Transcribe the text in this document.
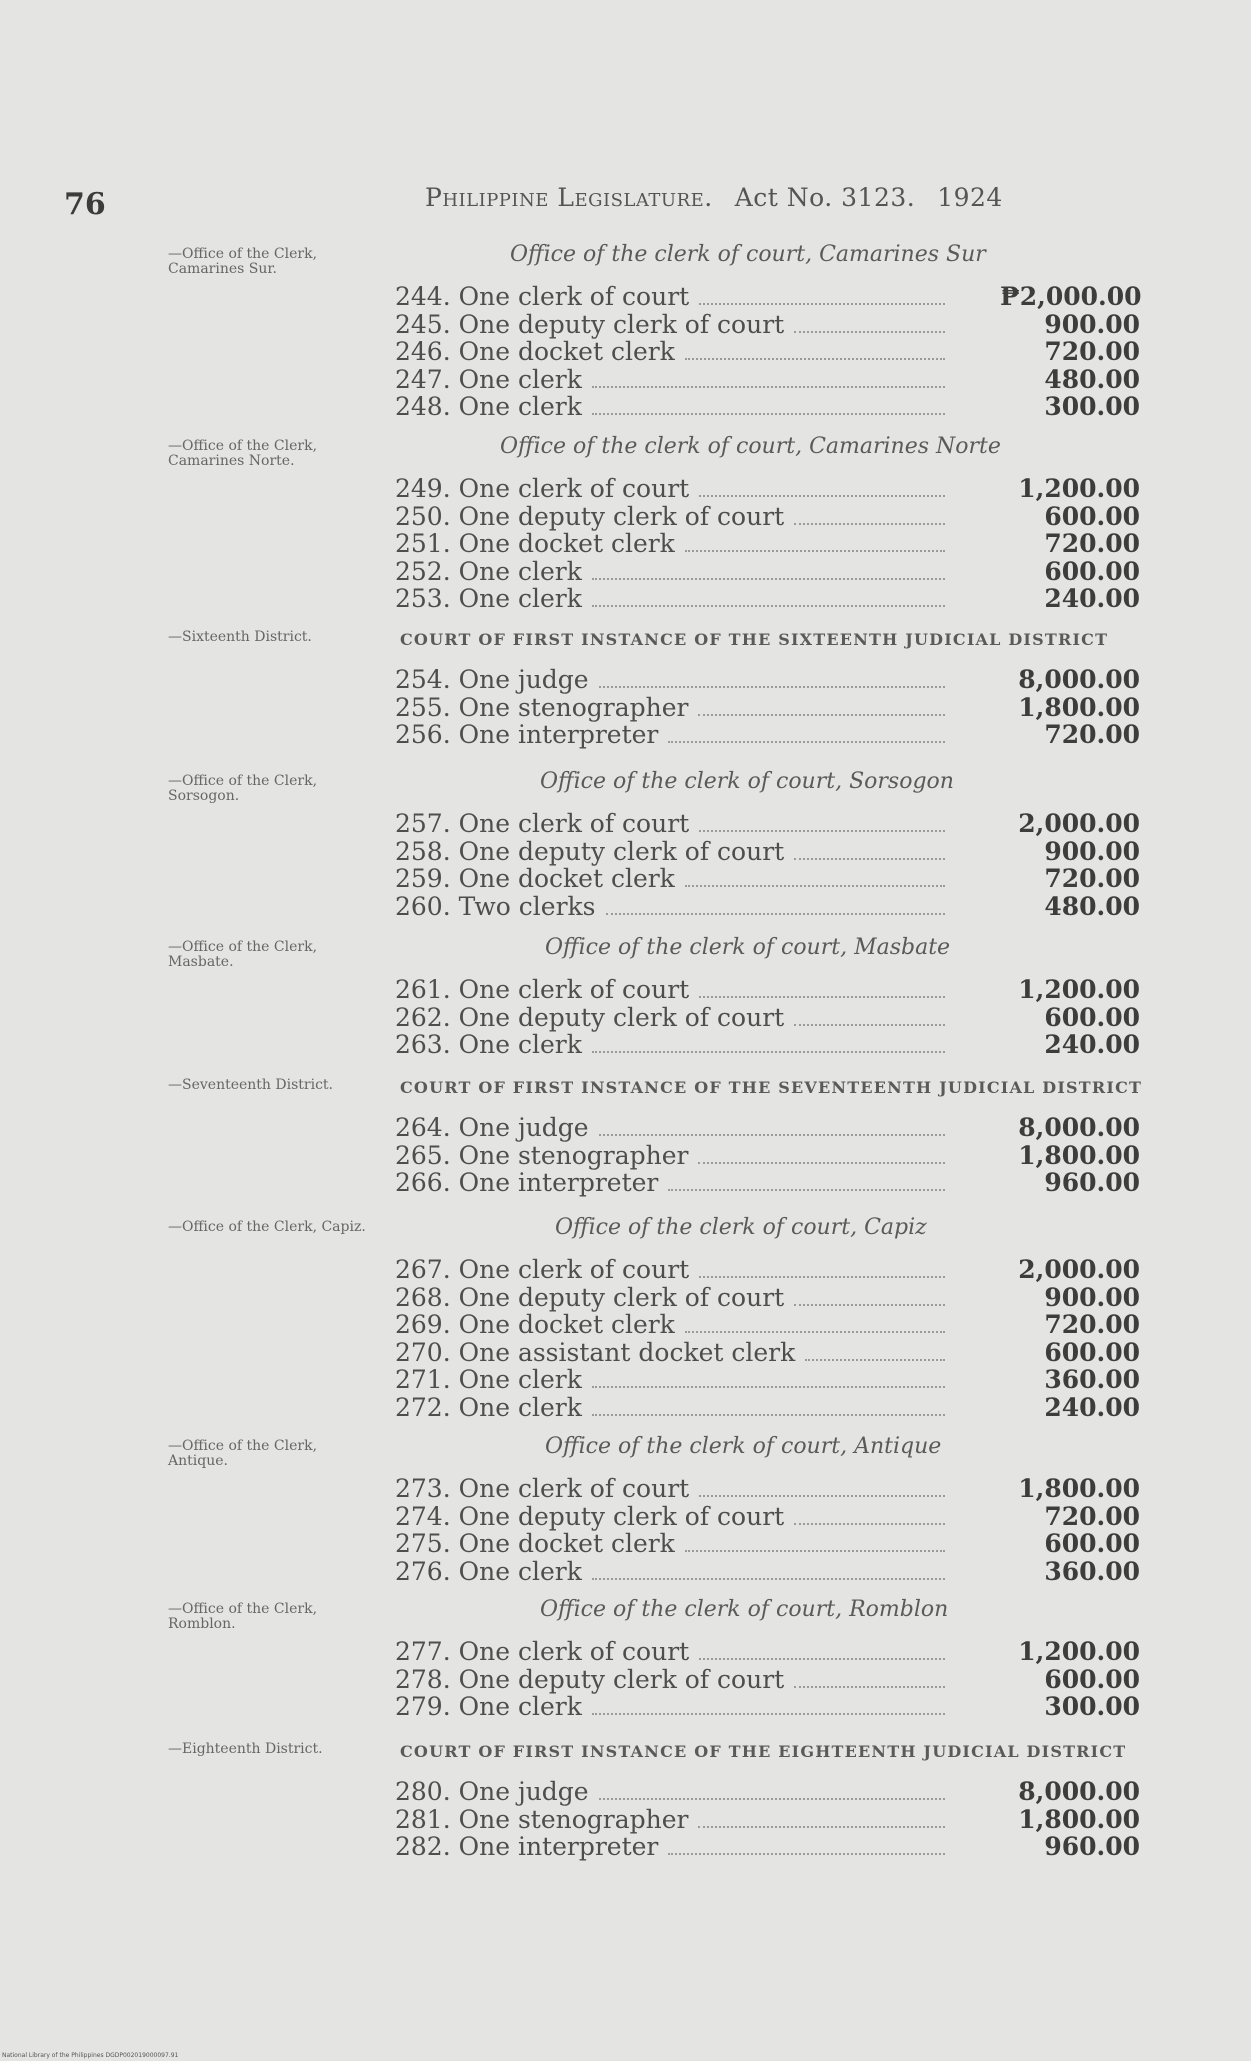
76	Philippine Legislature. Act No. 3123. 1924
—Office of the Clerk, Camarines Sur.
Office of the clerk of court, Camarines Sur
244. One clerk of court	₱2,000.00
245. One deputy clerk of court	900.00
246. One docket clerk	720.00
247. One clerk	480.00
248. One clerk	300.00
—Office of the Clerk, Camarines Norte.
Office of the clerk of court, Camarines Norte
249. One clerk of court	1,200.00
250. One deputy clerk of court	600.00
251. One docket clerk	720.00
252. One clerk	600.00
253. One clerk	240.00
—Sixteenth District.	COURT OF FIRST INSTANCE OF THE SIXTEENTH JUDICIAL DISTRICT
254. One judge	8,000.00
255. One stenographer	1,800.00
256. One interpreter	720.00
—Office of the Clerk, Sorsogon.
Office of the clerk of court, Sorsogon
257. One clerk of court	2,000.00
258. One deputy clerk of court	900.00
259. One docket clerk	720.00
260. Two clerks	480.00
—Office of the Clerk, Masbate.
Office of the clerk of court, Masbate
261. One clerk of court	1,200.00
262. One deputy clerk of court	600.00
263. One clerk	240.00
—Seventeenth District.	COURT OF FIRST INSTANCE OF THE SEVENTEENTH JUDICIAL DISTRICT
264. One judge	8,000.00
265. One stenographer	1,800.00
266. One interpreter	960.00
—Office of the Clerk, Capiz.	Office of the clerk of court, Capiz
267. One clerk of court	2,000.00
268. One deputy clerk of court	900.00
269. One docket clerk	720.00
270. One assistant docket clerk	600.00
271. One clerk	360.00
272. One clerk	240.00
—Office of the Clerk, Antique.
Office of the clerk of court, Antique
273. One clerk of court	1,800.00
274. One deputy clerk of court	720.00
275. One docket clerk	600.00
276. One clerk	360.00
—Office of the Clerk, Romblon.
Office of the clerk of court, Romblon
277. One clerk of court	1,200.00
278. One deputy clerk of court	600.00
279. One clerk	300.00
—Eighteenth District.	COURT OF FIRST INSTANCE OF THE EIGHTEENTH JUDICIAL DISTRICT
280. One judge	8,000.00
281. One stenographer	1,800.00
282. One interpreter	960.00
National Library of the Philippines DGDP002019000097.91
